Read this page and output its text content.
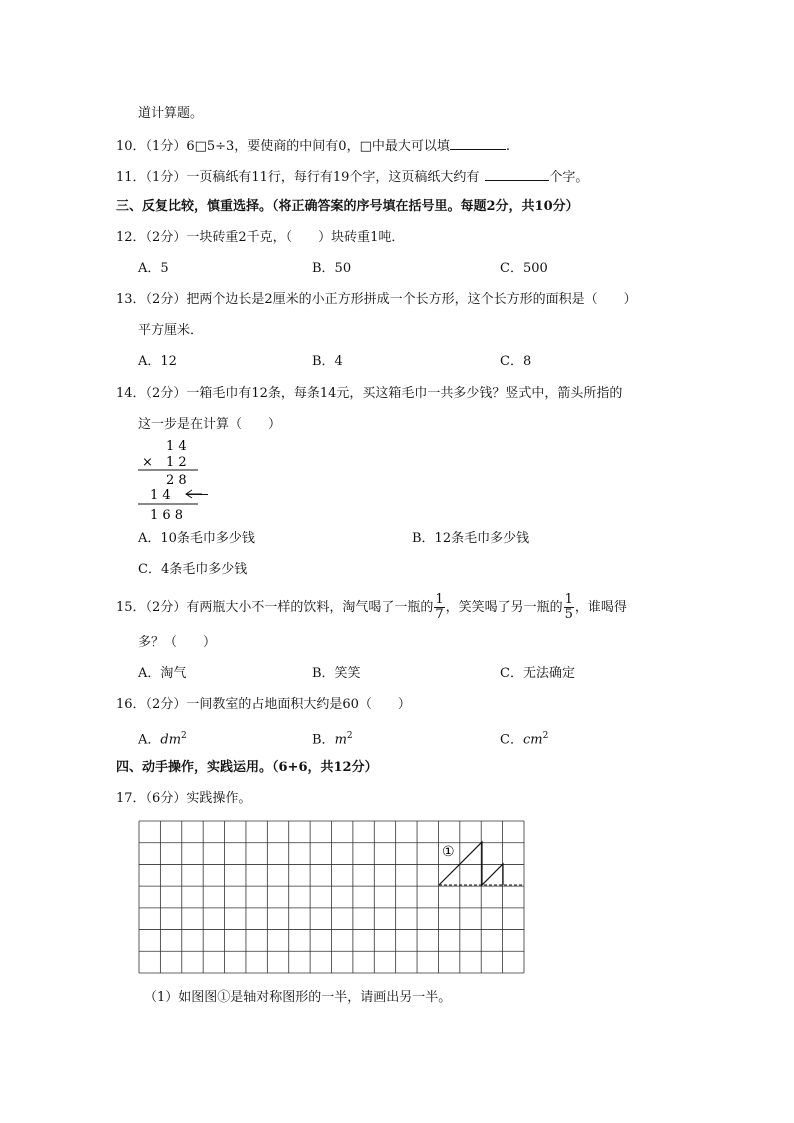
道计算题。
10．（1分）6□5÷3，要使商的中间有0，□中最大可以填	.
11．（1分）一页稿纸有11行，每行有19个字，这页稿纸大约有	个字。
三、反复比较，慎重选择。（将正确答案的序号填在括号里。每题2分，共10分）
12．（2分）一块砖重2千克，（　　）块砖重1吨．
A．5	B．50	C．500
13．（2分）把两个边长是2厘米的小正方形拼成一个长方形，这个长方形的面积是（　　）
平方厘米．
A．12	B．4	C．8
14．（2分）一箱毛巾有12条，每条14元，买这箱毛巾一共多少钱？竖式中，箭头所指的
这一步是在计算（　　）
1 4
× 1 2
2 8
1 4
1 6 8
A．10条毛巾多少钱	B．12条毛巾多少钱
C．4条毛巾多少钱
15．（2分）有两瓶大小不一样的饮料，淘气喝了一瓶的 $\frac{1}{7}$ ，笑笑喝了另一瓶的 $\frac{1}{5}$ ，谁喝得
多？（　　）
A．淘气	B．笑笑	C．无法确定
16．（2分）一间教室的占地面积大约是60（　　）
A．$dm^2$	B．$m^2$	C．$cm^2$
四、动手操作，实践运用。（6+6，共12分）
17．（6分）实践操作。
①
（1）如图图①是轴对称图形的一半，请画出另一半。
